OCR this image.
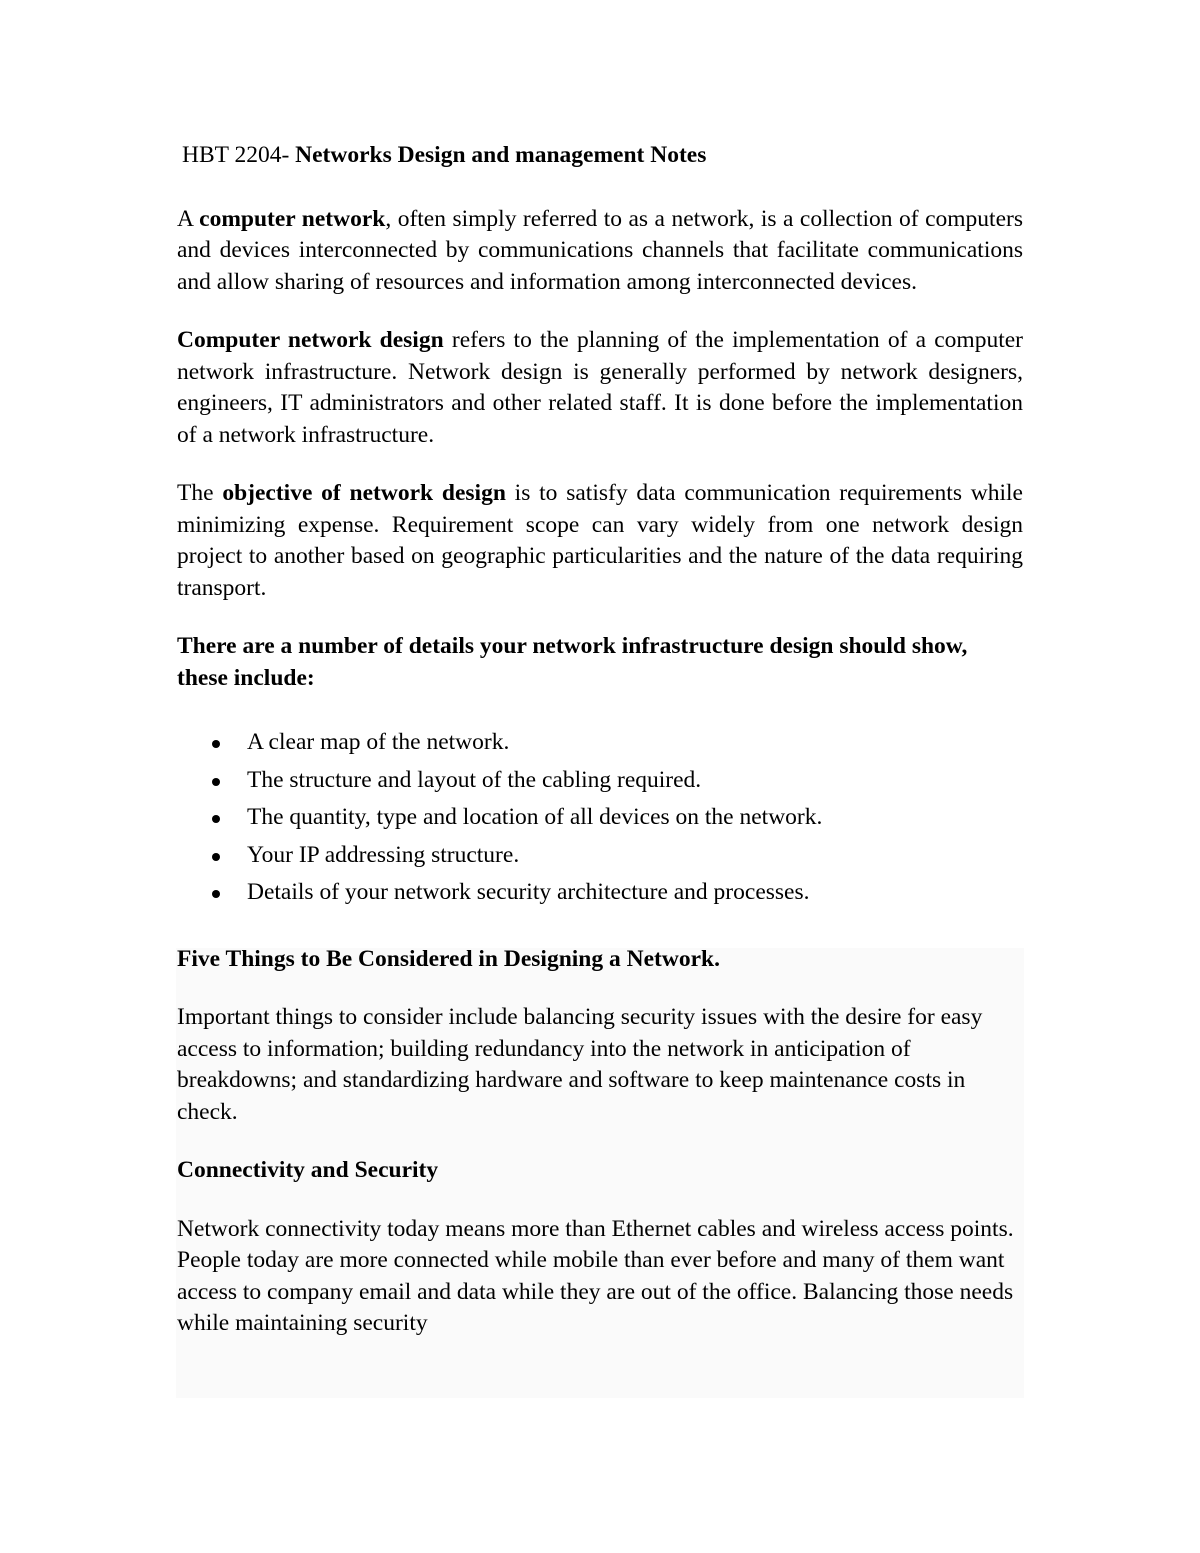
HBT 2204- Networks Design and management Notes

A computer network, often simply referred to as a network, is a collection of computers and devices interconnected by communications channels that facilitate communications and allow sharing of resources and information among interconnected devices.

Computer network design refers to the planning of the implementation of a computer network infrastructure. Network design is generally performed by network designers, engineers, IT administrators and other related staff. It is done before the implementation of a network infrastructure.

The objective of network design is to satisfy data communication requirements while minimizing expense. Requirement scope can vary widely from one network design project to another based on geographic particularities and the nature of the data requiring transport.

There are a number of details your network infrastructure design should show, these include:

A clear map of the network.
The structure and layout of the cabling required.
The quantity, type and location of all devices on the network.
Your IP addressing structure.
Details of your network security architecture and processes.

Five Things to Be Considered in Designing a Network.

Important things to consider include balancing security issues with the desire for easy access to information; building redundancy into the network in anticipation of breakdowns; and standardizing hardware and software to keep maintenance costs in check.

Connectivity and Security

Network connectivity today means more than Ethernet cables and wireless access points. People today are more connected while mobile than ever before and many of them want access to company email and data while they are out of the office. Balancing those needs while maintaining security
